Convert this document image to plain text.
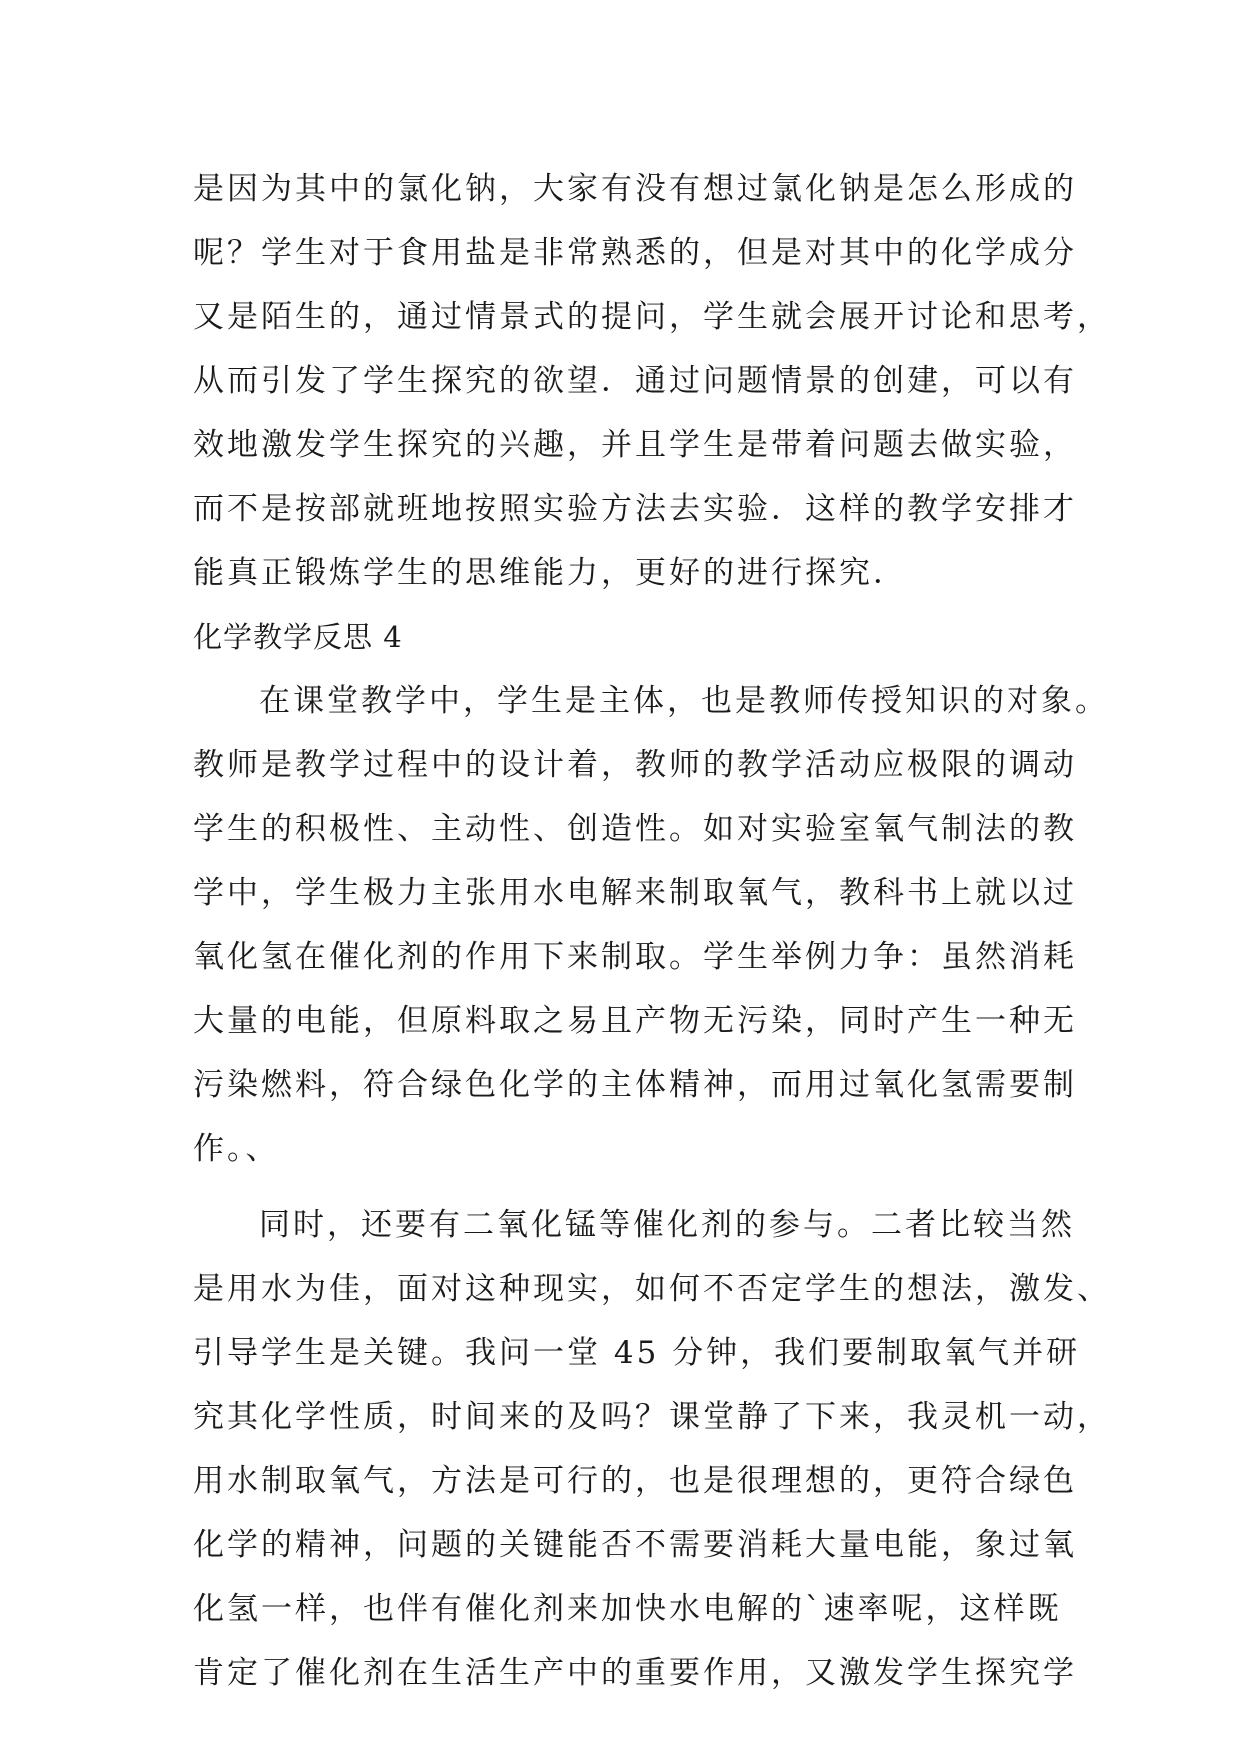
是因为其中的氯化钠，大家有没有想过氯化钠是怎么形成的
呢？学生对于食用盐是非常熟悉的，但是对其中的化学成分
又是陌生的，通过情景式的提问，学生就会展开讨论和思考，
从而引发了学生探究的欲望．通过问题情景的创建，可以有
效地激发学生探究的兴趣，并且学生是带着问题去做实验，
而不是按部就班地按照实验方法去实验．这样的教学安排才
能真正锻炼学生的思维能力，更好的进行探究．
化学教学反思 4
在课堂教学中，学生是主体，也是教师传授知识的对象。
教师是教学过程中的设计着，教师的教学活动应极限的调动
学生的积极性、主动性、创造性。如对实验室氧气制法的教
学中，学生极力主张用水电解来制取氧气，教科书上就以过
氧化氢在催化剂的作用下来制取。学生举例力争：虽然消耗
大量的电能，但原料取之易且产物无污染，同时产生一种无
污染燃料，符合绿色化学的主体精神，而用过氧化氢需要制
作。、
同时，还要有二氧化锰等催化剂的参与。二者比较当然
是用水为佳，面对这种现实，如何不否定学生的想法，激发、
引导学生是关键。我问一堂 45 分钟，我们要制取氧气并研
究其化学性质，时间来的及吗？课堂静了下来，我灵机一动，
用水制取氧气，方法是可行的，也是很理想的，更符合绿色
化学的精神，问题的关键能否不需要消耗大量电能，象过氧
化氢一样，也伴有催化剂来加快水电解的`速率呢，这样既
肯定了催化剂在生活生产中的重要作用，又激发学生探究学
